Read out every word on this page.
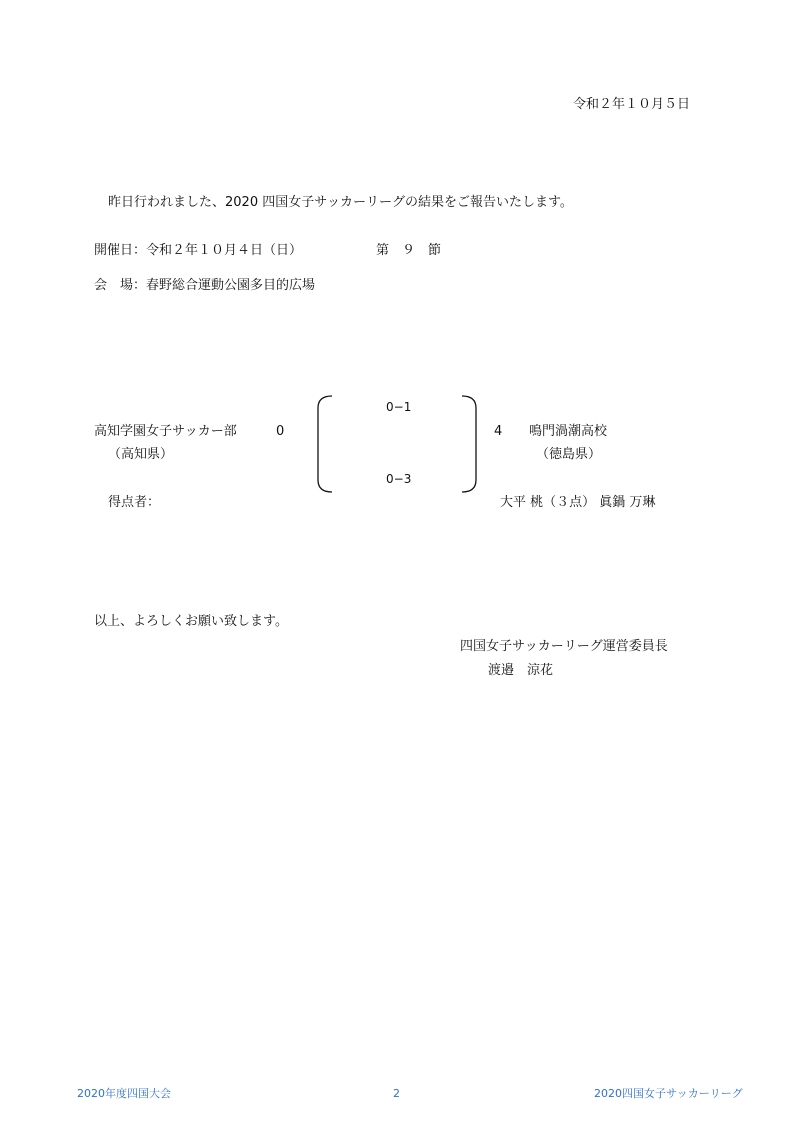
令和２年１０月５日
昨日行われました、2020 四国女子サッカーリーグの結果をご報告いたします。
開催日：令和２年１０月４日（日）	第　９　節
会　場：春野総合運動公園多目的広場
高知学園女子サッカー部	0
（高知県）
0−1
0−3
4 鳴門渦潮高校
（徳島県）
得点者：	大平 桃（３点） 眞鍋 万琳
以上、よろしくお願い致します。
四国女子サッカーリーグ運営委員長
渡邉　涼花
2020年度四国大会	2	2020四国女子サッカーリーグ
